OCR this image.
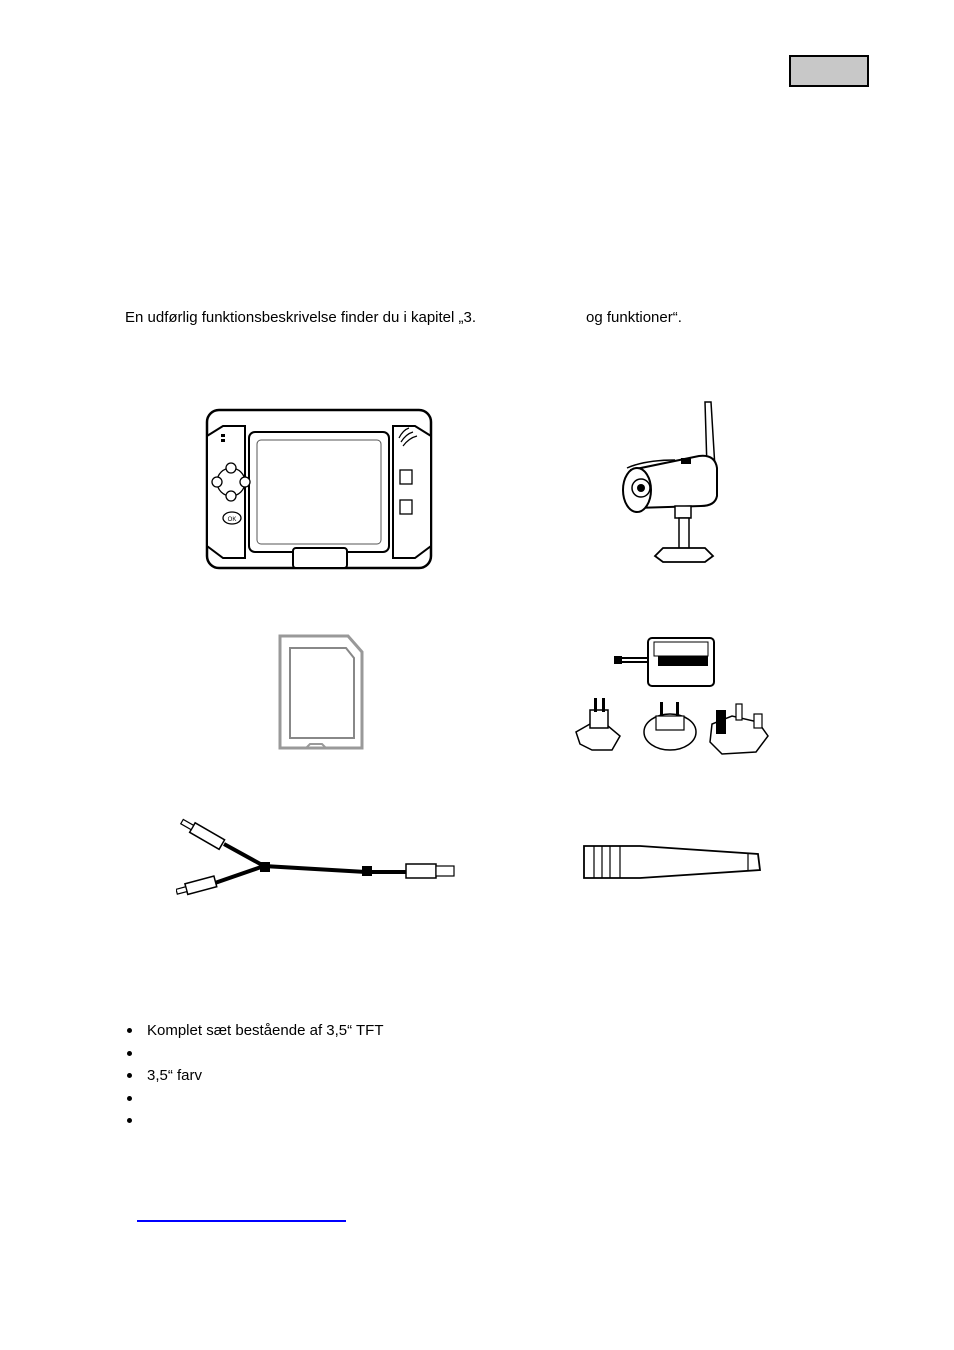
En udførlig funktionsbeskrivelse finder du i kapitel „3.	og funktioner“.
OK
Komplet sæt bestående af 3,5“ TFT
3,5“ farv
